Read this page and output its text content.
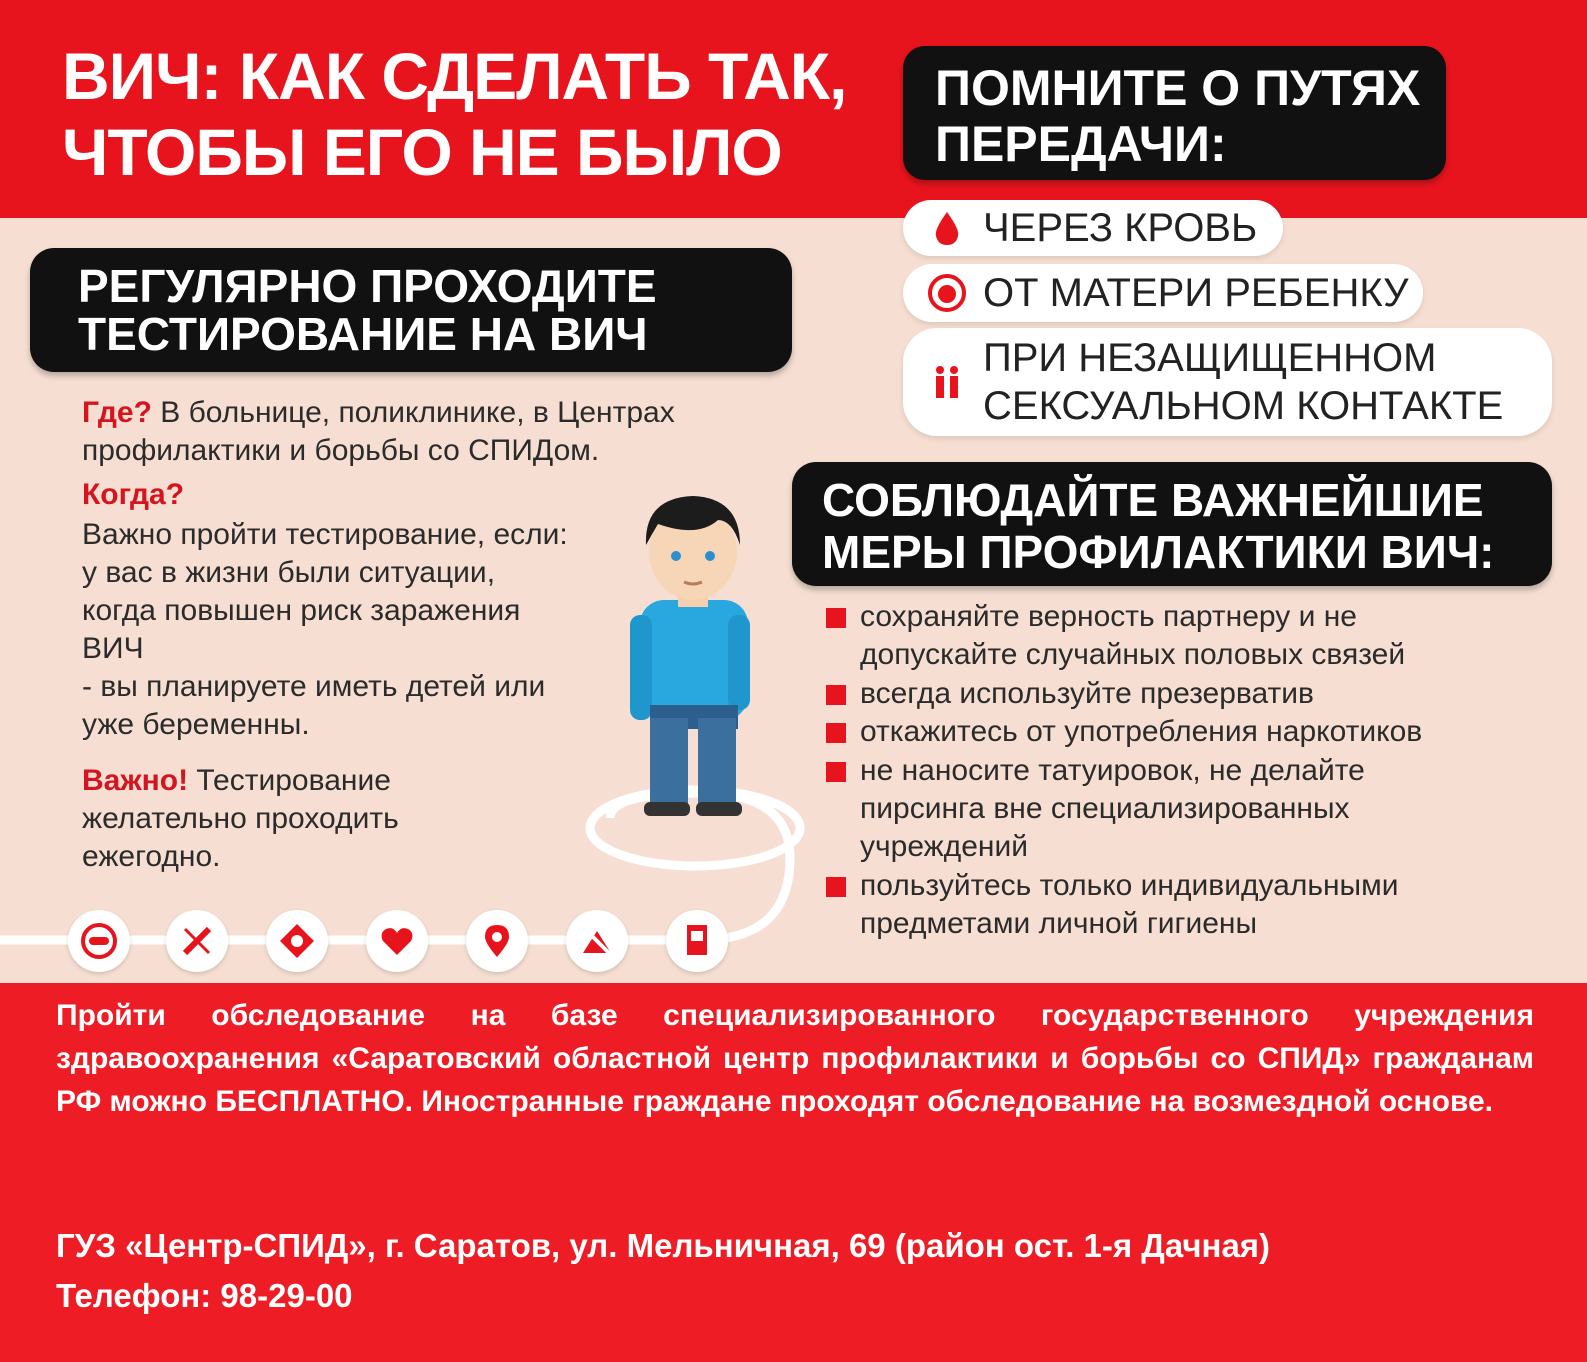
ВИЧ: КАК СДЕЛАТЬ ТАК,
ЧТОБЫ ЕГО НЕ БЫЛО
ПОМНИТЕ О ПУТЯХ
ПЕРЕДАЧИ:
РЕГУЛЯРНО ПРОХОДИТЕ
ТЕСТИРОВАНИЕ НА ВИЧ
Где? В больнице, поликлинике, в Центрах
профилактики и борьбы со СПИДом.
Когда?
Важно пройти тестирование, если:
у вас в жизни были ситуации,
когда повышен риск заражения
ВИЧ
- вы планируете иметь детей или
уже беременны.
Важно! Тестирование
желательно проходить
ежегодно.
ЧЕРЕЗ КРОВЬ
ОТ МАТЕРИ РЕБЕНКУ
ПРИ НЕЗАЩИЩЕННОМ
СЕКСУАЛЬНОМ КОНТАКТЕ
СОБЛЮДАЙТЕ ВАЖНЕЙШИЕ
МЕРЫ ПРОФИЛАКТИКИ ВИЧ:
сохраняйте верность партнеру и не
допускайте случайных половых связей
всегда используйте презерватив
откажитесь от употребления наркотиков
не наносите татуировок, не делайте
пирсинга вне специализированных
учреждений
пользуйтесь только индивидуальными
предметами личной гигиены
Пройти обследование на базе специализированного государственного учреждения здравоохранения «Саратовский областной центр профилактики и борьбы со СПИД» гражданам РФ можно БЕСПЛАТНО. Иностранные граждане проходят обследование на возмездной основе.
ГУЗ «Центр-СПИД», г. Саратов, ул. Мельничная, 69 (район ост. 1-я Дачная)
Телефон: 98-29-00
